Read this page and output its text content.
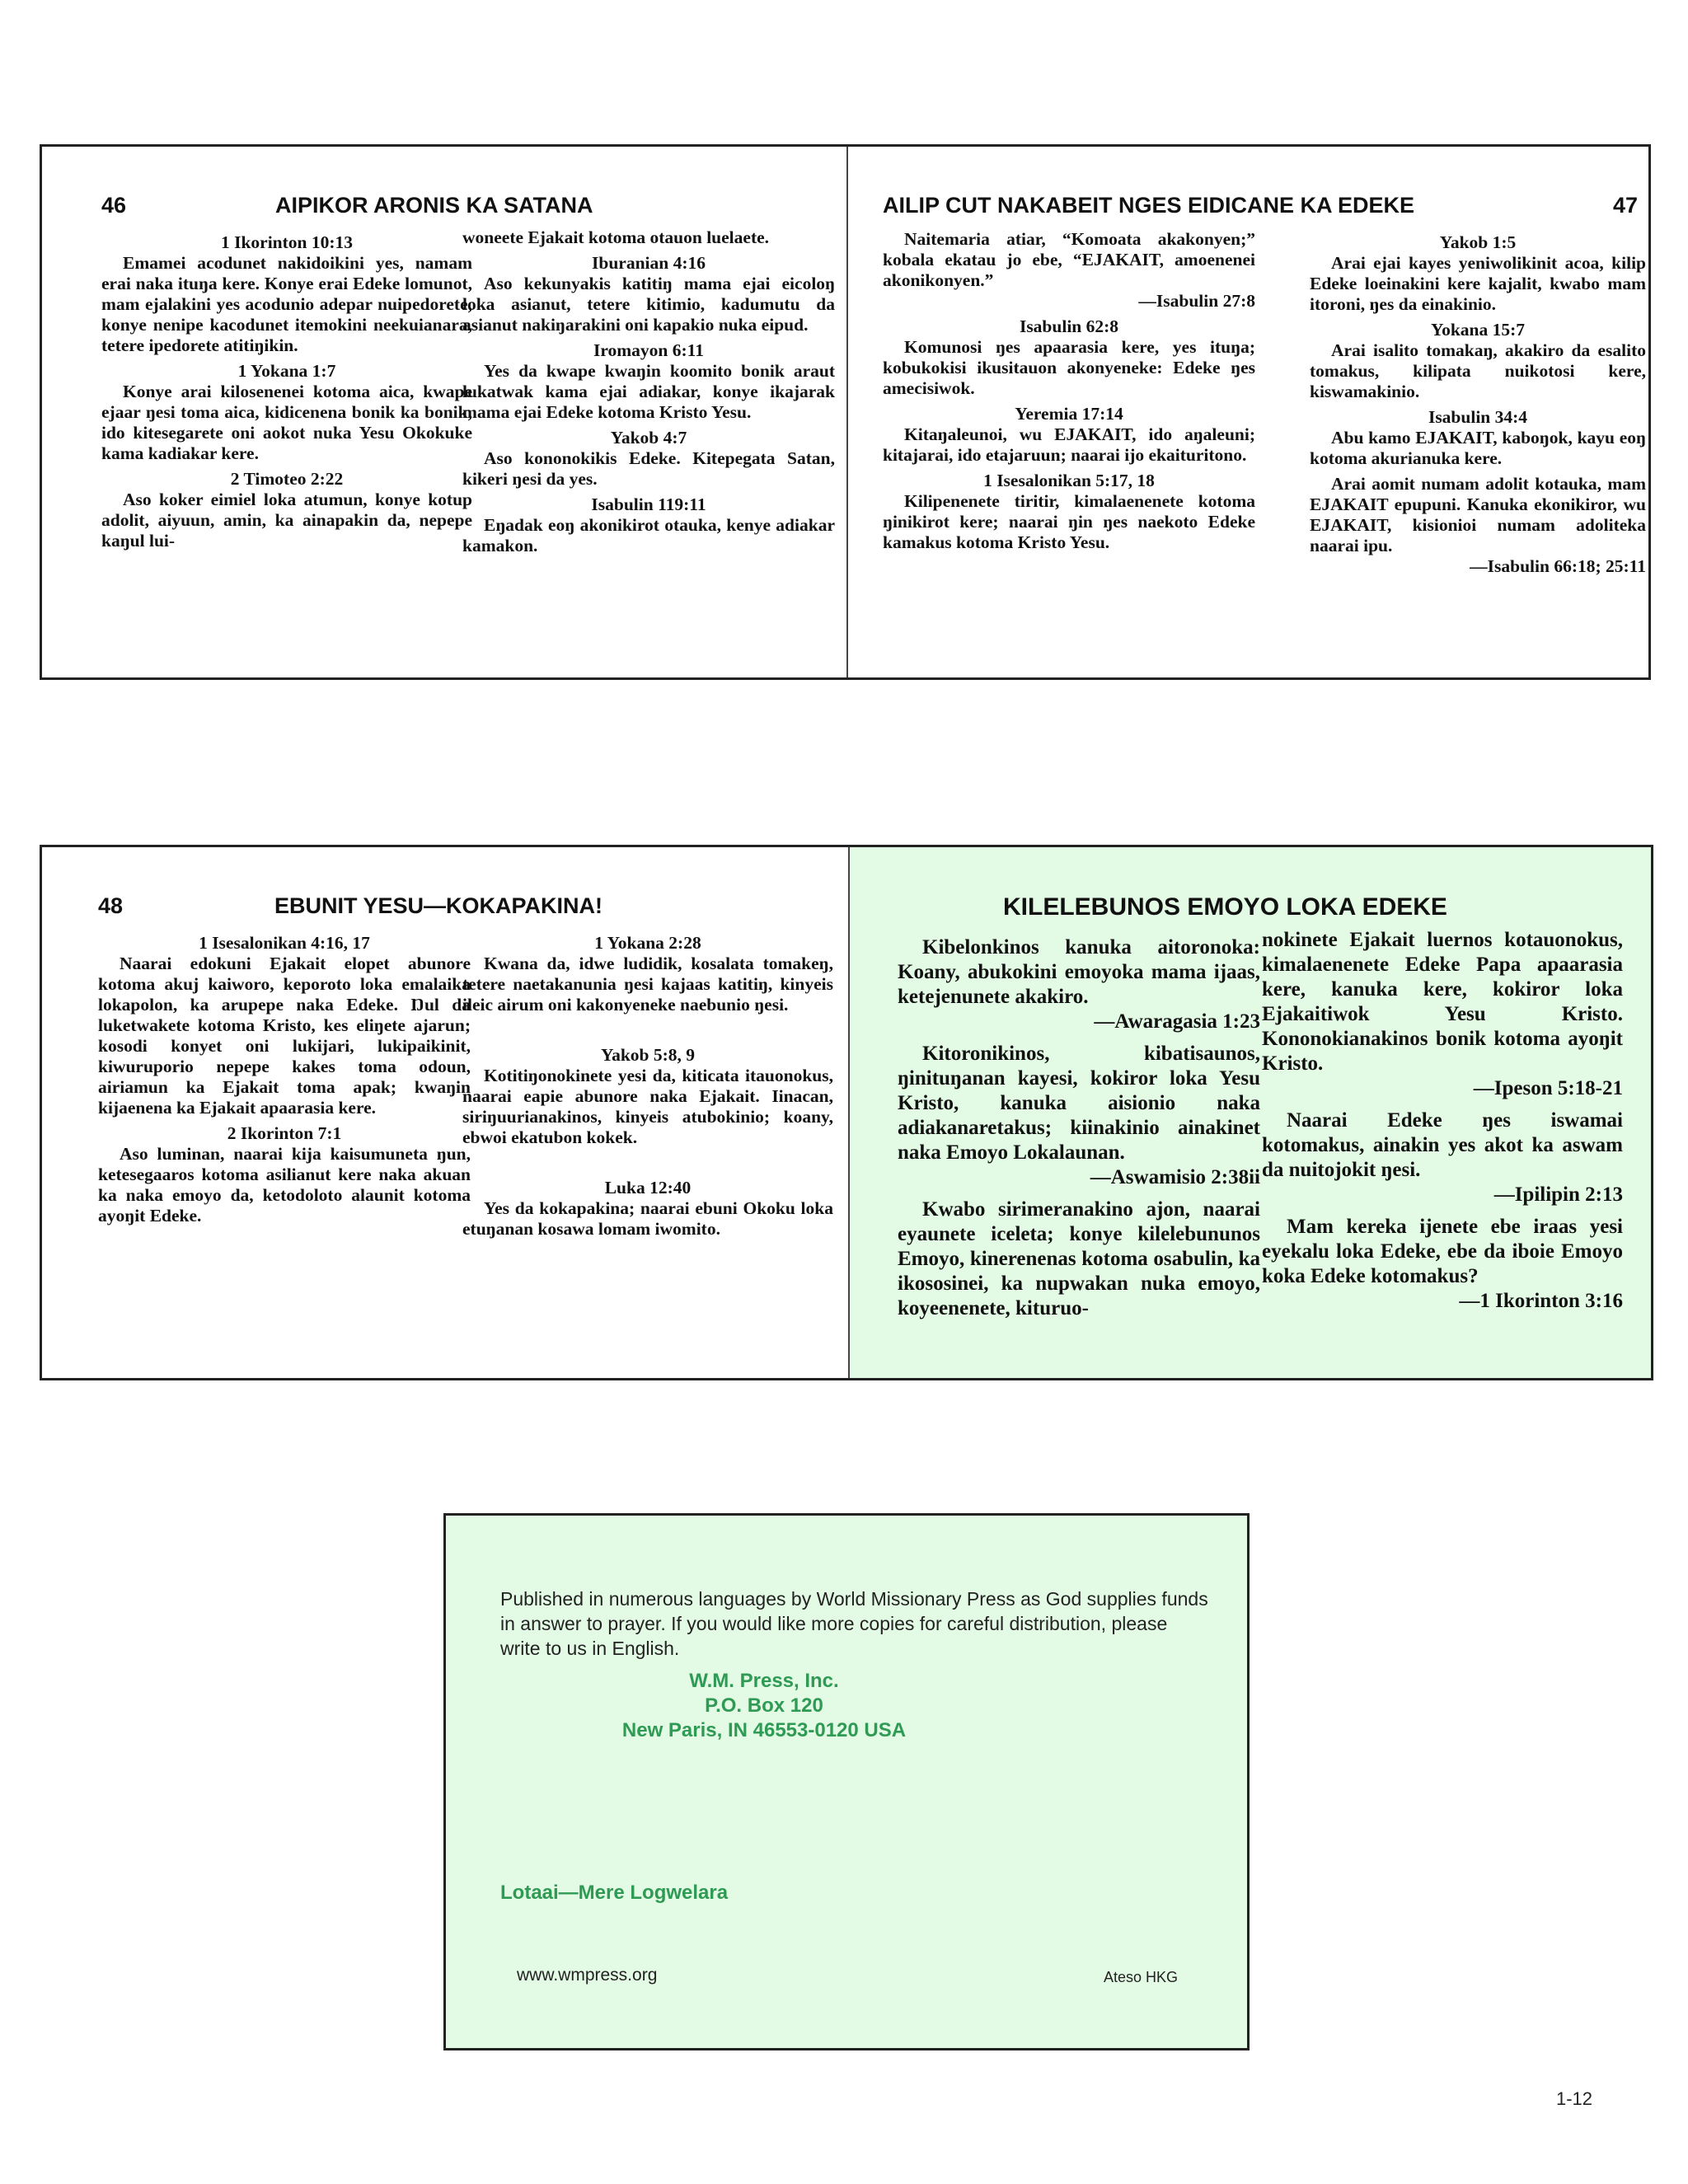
46	AIPIKOR ARONIS KA SATANA

1 Ikorinton 10:13

Emamei acodunet nakidoikini yes, namam erai naka ituŋa kere. Konye erai Edeke lomunot, mam ejalakini yes acodunio adepar nuipedorete, konye nenipe kacodunet itemokini neekuianara, tetere ipedorete atitiŋikin.

1 Yokana 1:7

Konye arai kilosenenei kotoma aica, kwape ejaar ŋesi toma aica, kidicenena bonik ka bonik, ido kitesegarete oni aokot nuka Yesu Okokuke kama kadiakar kere.

2 Timoteo 2:22

Aso koker eimiel loka atumun, konye kotup adolit, aiyuun, amin, ka ainapakin da, nepepe kaŋul lui-

woneete Ejakait kotoma otauon luelaete.

Iburanian 4:16

Aso kekunyakis katitiŋ mama ejai eicoloŋ loka asianut, tetere kitimio, kadumutu da asianut nakiŋarakini oni kapakio nuka eipud.

Iromayon 6:11

Yes da kwape kwaŋin koomito bonik araut lukatwak kama ejai adiakar, konye ikajarak mama ejai Edeke kotoma Kristo Yesu.

Yakob 4:7

Aso kononokikis Edeke. Kitepegata Satan, kikeri ŋesi da yes.

Isabulin 119:11

Eŋadak eoŋ akonikirot otauka, kenye adiakar kamakon.

AILIP CUT NAKABEIT NGES EIDICANE KA EDEKE	47

Naitemaria atiar, “Komoata akakonyen;” kobala ekatau jo ebe, “EJAKAIT, amoenenei akonikonyen.”

—Isabulin 27:8

Isabulin 62:8

Komunosi ŋes apaarasia kere, yes ituŋa; kobukokisi ikusitauon akonyeneke: Edeke ŋes amecisiwok.

Yeremia 17:14

Kitaŋaleunoi, wu EJAKAIT, ido aŋaleuni; kitajarai, ido etajaruun; naarai ijo ekaituritono.

1 Isesalonikan 5:17, 18

Kilipenenete tiritir, kimalaenenete kotoma ŋinikirot kere; naarai ŋin ŋes naekoto Edeke kamakus kotoma Kristo Yesu.

Yakob 1:5

Arai ejai kayes yeniwolikinit acoa, kilip Edeke loeinakini kere kajalit, kwabo mam itoroni, ŋes da einakinio.

Yokana 15:7

Arai isalito tomakaŋ, akakiro da esalito tomakus, kilipata nuikotosi kere, kiswamakinio.

Isabulin 34:4

Abu kamo EJAKAIT, kaboŋok, kayu eoŋ kotoma akurianuka kere.

Arai aomit numam adolit kotauka, mam EJAKAIT epupuni. Kanuka ekonikiror, wu EJAKAIT, kisionioi numam adoliteka naarai ipu.

—Isabulin 66:18; 25:11

48	EBUNIT YESU—KOKAPAKINA!

1 Isesalonikan 4:16, 17

Naarai edokuni Ejakait elopet abunore kotoma akuj kaiworo, keporoto loka emalaika lokapolon, ka arupepe naka Edeke. Ŋul da luketwakete kotoma Kristo, kes eliŋete ajarun; kosodi konyet oni lukijari, lukipaikinit, kiwuruporio nepepe kakes toma odoun, airiamun ka Ejakait toma apak; kwaŋin kijaenena ka Ejakait apaarasia kere.

2 Ikorinton 7:1

Aso luminan, naarai kija kaisumuneta ŋun, ketesegaaros kotoma asilianut kere naka akuan ka naka emoyo da, ketodoloto alaunit kotoma ayoŋit Edeke.

1 Yokana 2:28

Kwana da, idwe ludidik, kosalata tomakeŋ, tetere naetakanunia ŋesi kajaas katitiŋ, kinyeis ileic airum oni kakonyeneke naebunio ŋesi.

Yakob 5:8, 9

Kotitiŋonokinete yesi da, kiticata itauonokus, naarai eapie abunore naka Ejakait. Iinacan, siriŋuurianakinos, kinyeis atubokinio; koany, ebwoi ekatubon kokek.

Luka 12:40

Yes da kokapakina; naarai ebuni Okoku loka etuŋanan kosawa lomam iwomito.

KILELEBUNOS EMOYO LOKA EDEKE

Kibelonkinos kanuka aitoronoka: Koany, abukokini emoyoka mama ijaas, ketejenunete akakiro.

—Awaragasia 1:23

Kitoronikinos, kibatisaunos, ŋinituŋanan kayesi, kokiror loka Yesu Kristo, kanuka aisionio naka adiakanaretakus; kiinakinio ainakinet naka Emoyo Lokalaunan.

—Aswamisio 2:38ii

Kwabo sirimeranakino ajon, naarai eyaunete iceleta; konye kilelebununos Emoyo, kinerenenas kotoma osabulin, ka ikososinei, ka nupwakan nuka emoyo, koyeenenete, kituruo-

nokinete Ejakait luernos kotauonokus, kimalaenenete Edeke Papa apaarasia kere, kanuka kere, kokiror loka Ejakaitiwok Yesu Kristo. Kononokianakinos bonik kotoma ayoŋit Kristo.

—Ipeson 5:18-21

Naarai Edeke ŋes iswamai kotomakus, ainakin yes akot ka aswam da nuitojokit ŋesi.

—Ipilipin 2:13

Mam kereka ijenete ebe iraas yesi eyekalu loka Edeke, ebe da iboie Emoyo koka Edeke kotomakus?

—1 Ikorinton 3:16

Published in numerous languages by World Missionary Press as God supplies funds in answer to prayer. If you would like more copies for careful distribution, please write to us in English.
W.M. Press, Inc.
P.O. Box 120
New Paris, IN 46553-0120 USA
Lotaai—Mere Logwelara
www.wmpress.org	Ateso HKG
1-12
